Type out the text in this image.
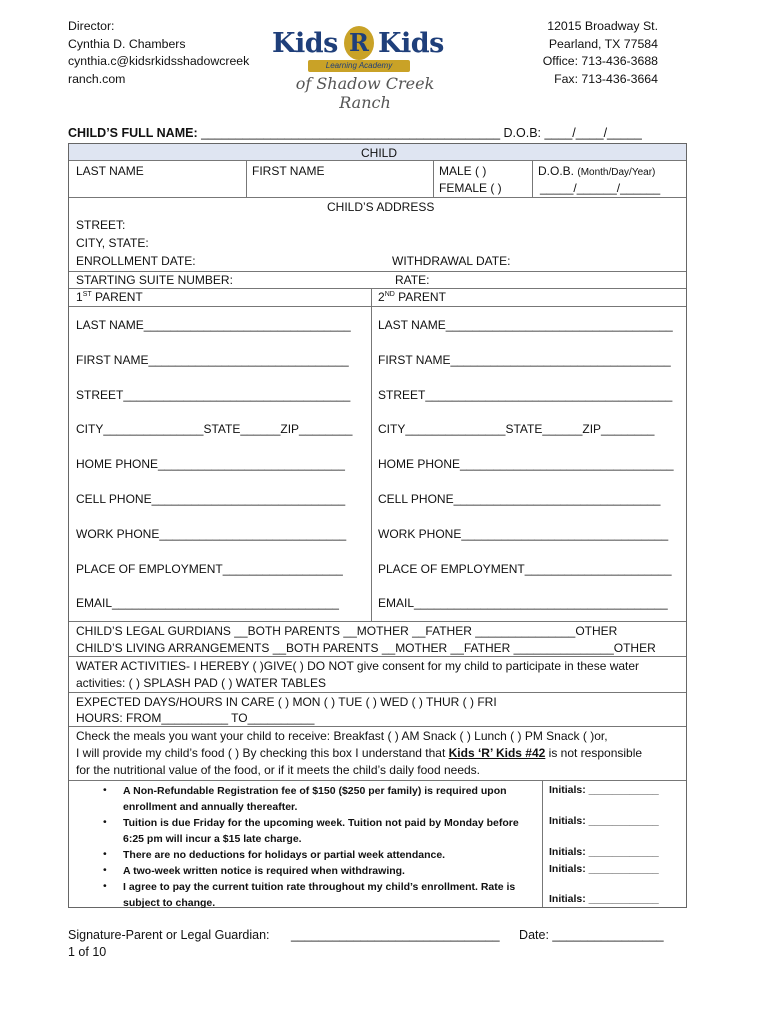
Director:
Cynthia D. Chambers
cynthia.c@kidsrkidsshadowcreek
ranch.com
Kids R Kids
Learning Academy
of Shadow Creek Ranch
12015 Broadway St.
Pearland, TX 77584
Office: 713-436-3688
Fax: 713-436-3664
CHILD’S FULL NAME: ___________________________________________ D.O.B: ____/____/_____
CHILD
LAST NAME	FIRST NAME	MALE ( )
FEMALE ( )
D.O.B. (Month/Day/Year)
_____/______/______
CHILD’S ADDRESS
STREET:
CITY, STATE:
ENROLLMENT DATE:	WITHDRAWAL DATE:
STARTING SUITE NUMBER:	RATE:
1ST PARENT
LAST NAME_______________________________
FIRST NAME______________________________
STREET__________________________________
CITY_______________STATE______ZIP________
HOME PHONE____________________________
CELL PHONE_____________________________
WORK PHONE____________________________
PLACE OF EMPLOYMENT__________________
EMAIL__________________________________
2ND PARENT
LAST NAME__________________________________
FIRST NAME_________________________________
STREET_____________________________________
CITY_______________STATE______ZIP________
HOME PHONE________________________________
CELL PHONE_______________________________
WORK PHONE_______________________________
PLACE OF EMPLOYMENT______________________
EMAIL______________________________________
CHILD’S LEGAL GURDIANS __BOTH PARENTS __MOTHER __FATHER _______________OTHER
CHILD’S LIVING ARRANGEMENTS __BOTH PARENTS __MOTHER __FATHER _______________OTHER
WATER ACTIVITIES- I HEREBY ( )GIVE( ) DO NOT give consent for my child to participate in these water
activities: ( ) SPLASH PAD ( ) WATER TABLES
EXPECTED DAYS/HOURS IN CARE ( ) MON ( ) TUE ( ) WED ( ) THUR ( ) FRI
HOURS: FROM__________ TO__________
Check the meals you want your child to receive: Breakfast ( ) AM Snack ( ) Lunch ( ) PM Snack ( )or,
I will provide my child’s food ( ) By checking this box I understand that Kids ‘R’ Kids #42 is not responsible
for the nutritional value of the food, or if it meets the child’s daily food needs.
• A Non-Refundable Registration fee of $150 ($250 per family) is required upon enrollment and annually thereafter.
• Tuition is due Friday for the upcoming week. Tuition not paid by Monday before 6:25 pm will incur a $15 late charge.
• There are no deductions for holidays or partial week attendance.
• A two-week written notice is required when withdrawing.
• I agree to pay the current tuition rate throughout my child’s enrollment. Rate is subject to change.
Initials: ____________
Initials: ____________
Initials: ____________
Initials: ____________
Initials: ____________
Signature-Parent or Legal Guardian: ______________________________ Date: ________________
1 of 10
